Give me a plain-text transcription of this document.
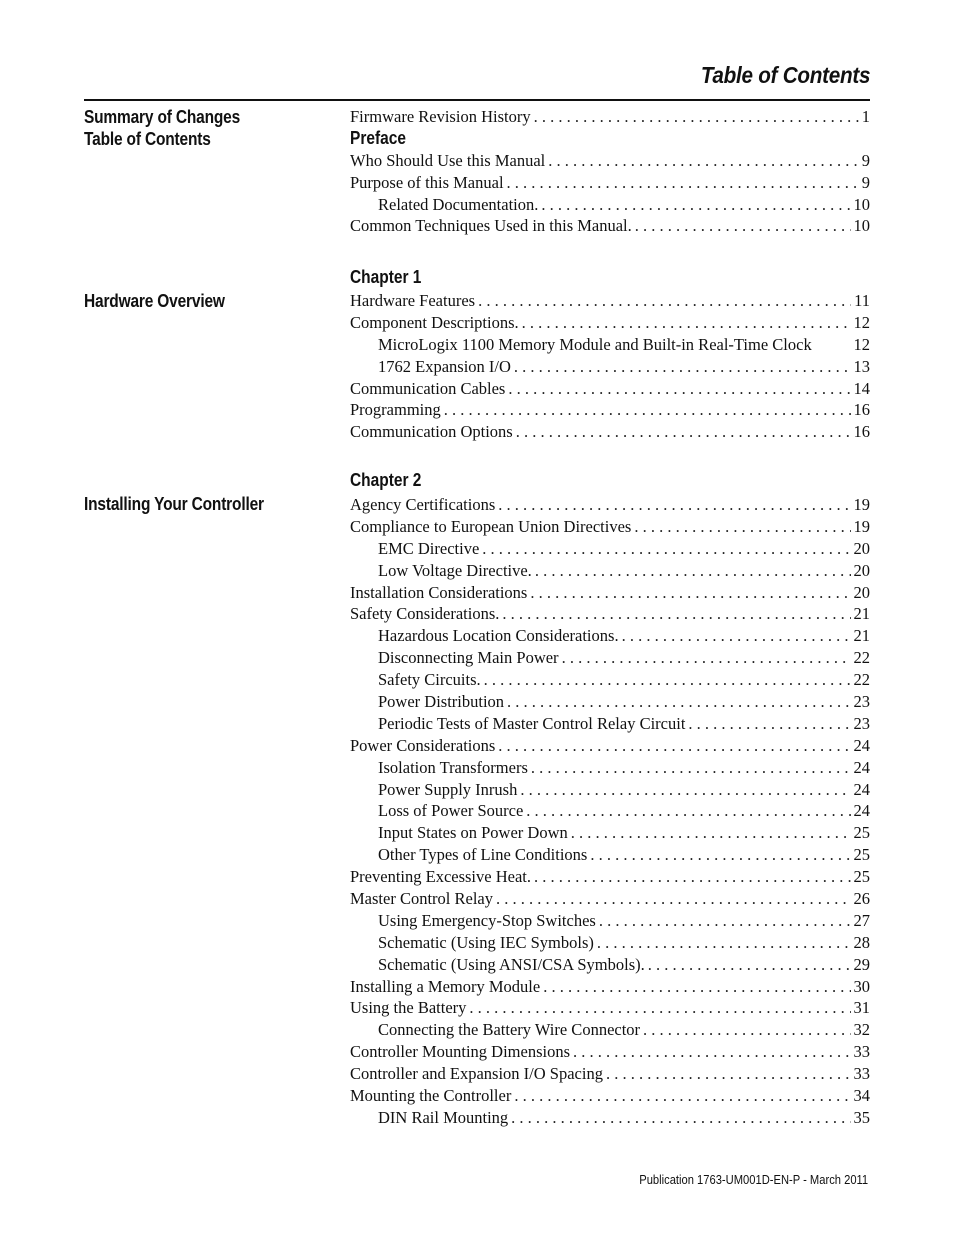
Table of Contents
Summary of Changes
Table of Contents
Firmware Revision History . . .	1
Preface
Who Should Use this Manual . . .	9
Purpose of this Manual . . .	9
Related Documentation. . . .	10
Common Techniques Used in this Manual. . . .	10
Chapter 1
Hardware Overview	Hardware Features . . .	11
Component Descriptions. . . .	12
MicroLogix 1100 Memory Module and Built-in Real-Time Clock	12
1762 Expansion I/O . . .	13
Communication Cables . . .	14
Programming . . .	16
Communication Options . . .	16
Chapter 2
Installing Your Controller	Agency Certifications . . .	19
Compliance to European Union Directives . . .	19
EMC Directive . . .	20
Low Voltage Directive. . . .	20
Installation Considerations . . .	20
Safety Considerations. . . .	21
Hazardous Location Considerations. . . .	21
Disconnecting Main Power . . .	22
Safety Circuits. . . .	22
Power Distribution . . .	23
Periodic Tests of Master Control Relay Circuit . . .	23
Power Considerations . . .	24
Isolation Transformers . . .	24
Power Supply Inrush . . .	24
Loss of Power Source . . .	24
Input States on Power Down . . .	25
Other Types of Line Conditions . . .	25
Preventing Excessive Heat. . . .	25
Master Control Relay . . .	26
Using Emergency-Stop Switches . . .	27
Schematic (Using IEC Symbols) . . .	28
Schematic (Using ANSI/CSA Symbols). . . .	29
Installing a Memory Module . . .	30
Using the Battery . . .	31
Connecting the Battery Wire Connector . . .	32
Controller Mounting Dimensions . . .	33
Controller and Expansion I/O Spacing . . .	33
Mounting the Controller . . .	34
DIN Rail Mounting . . .	35
Publication 1763-UM001D-EN-P - March 2011
